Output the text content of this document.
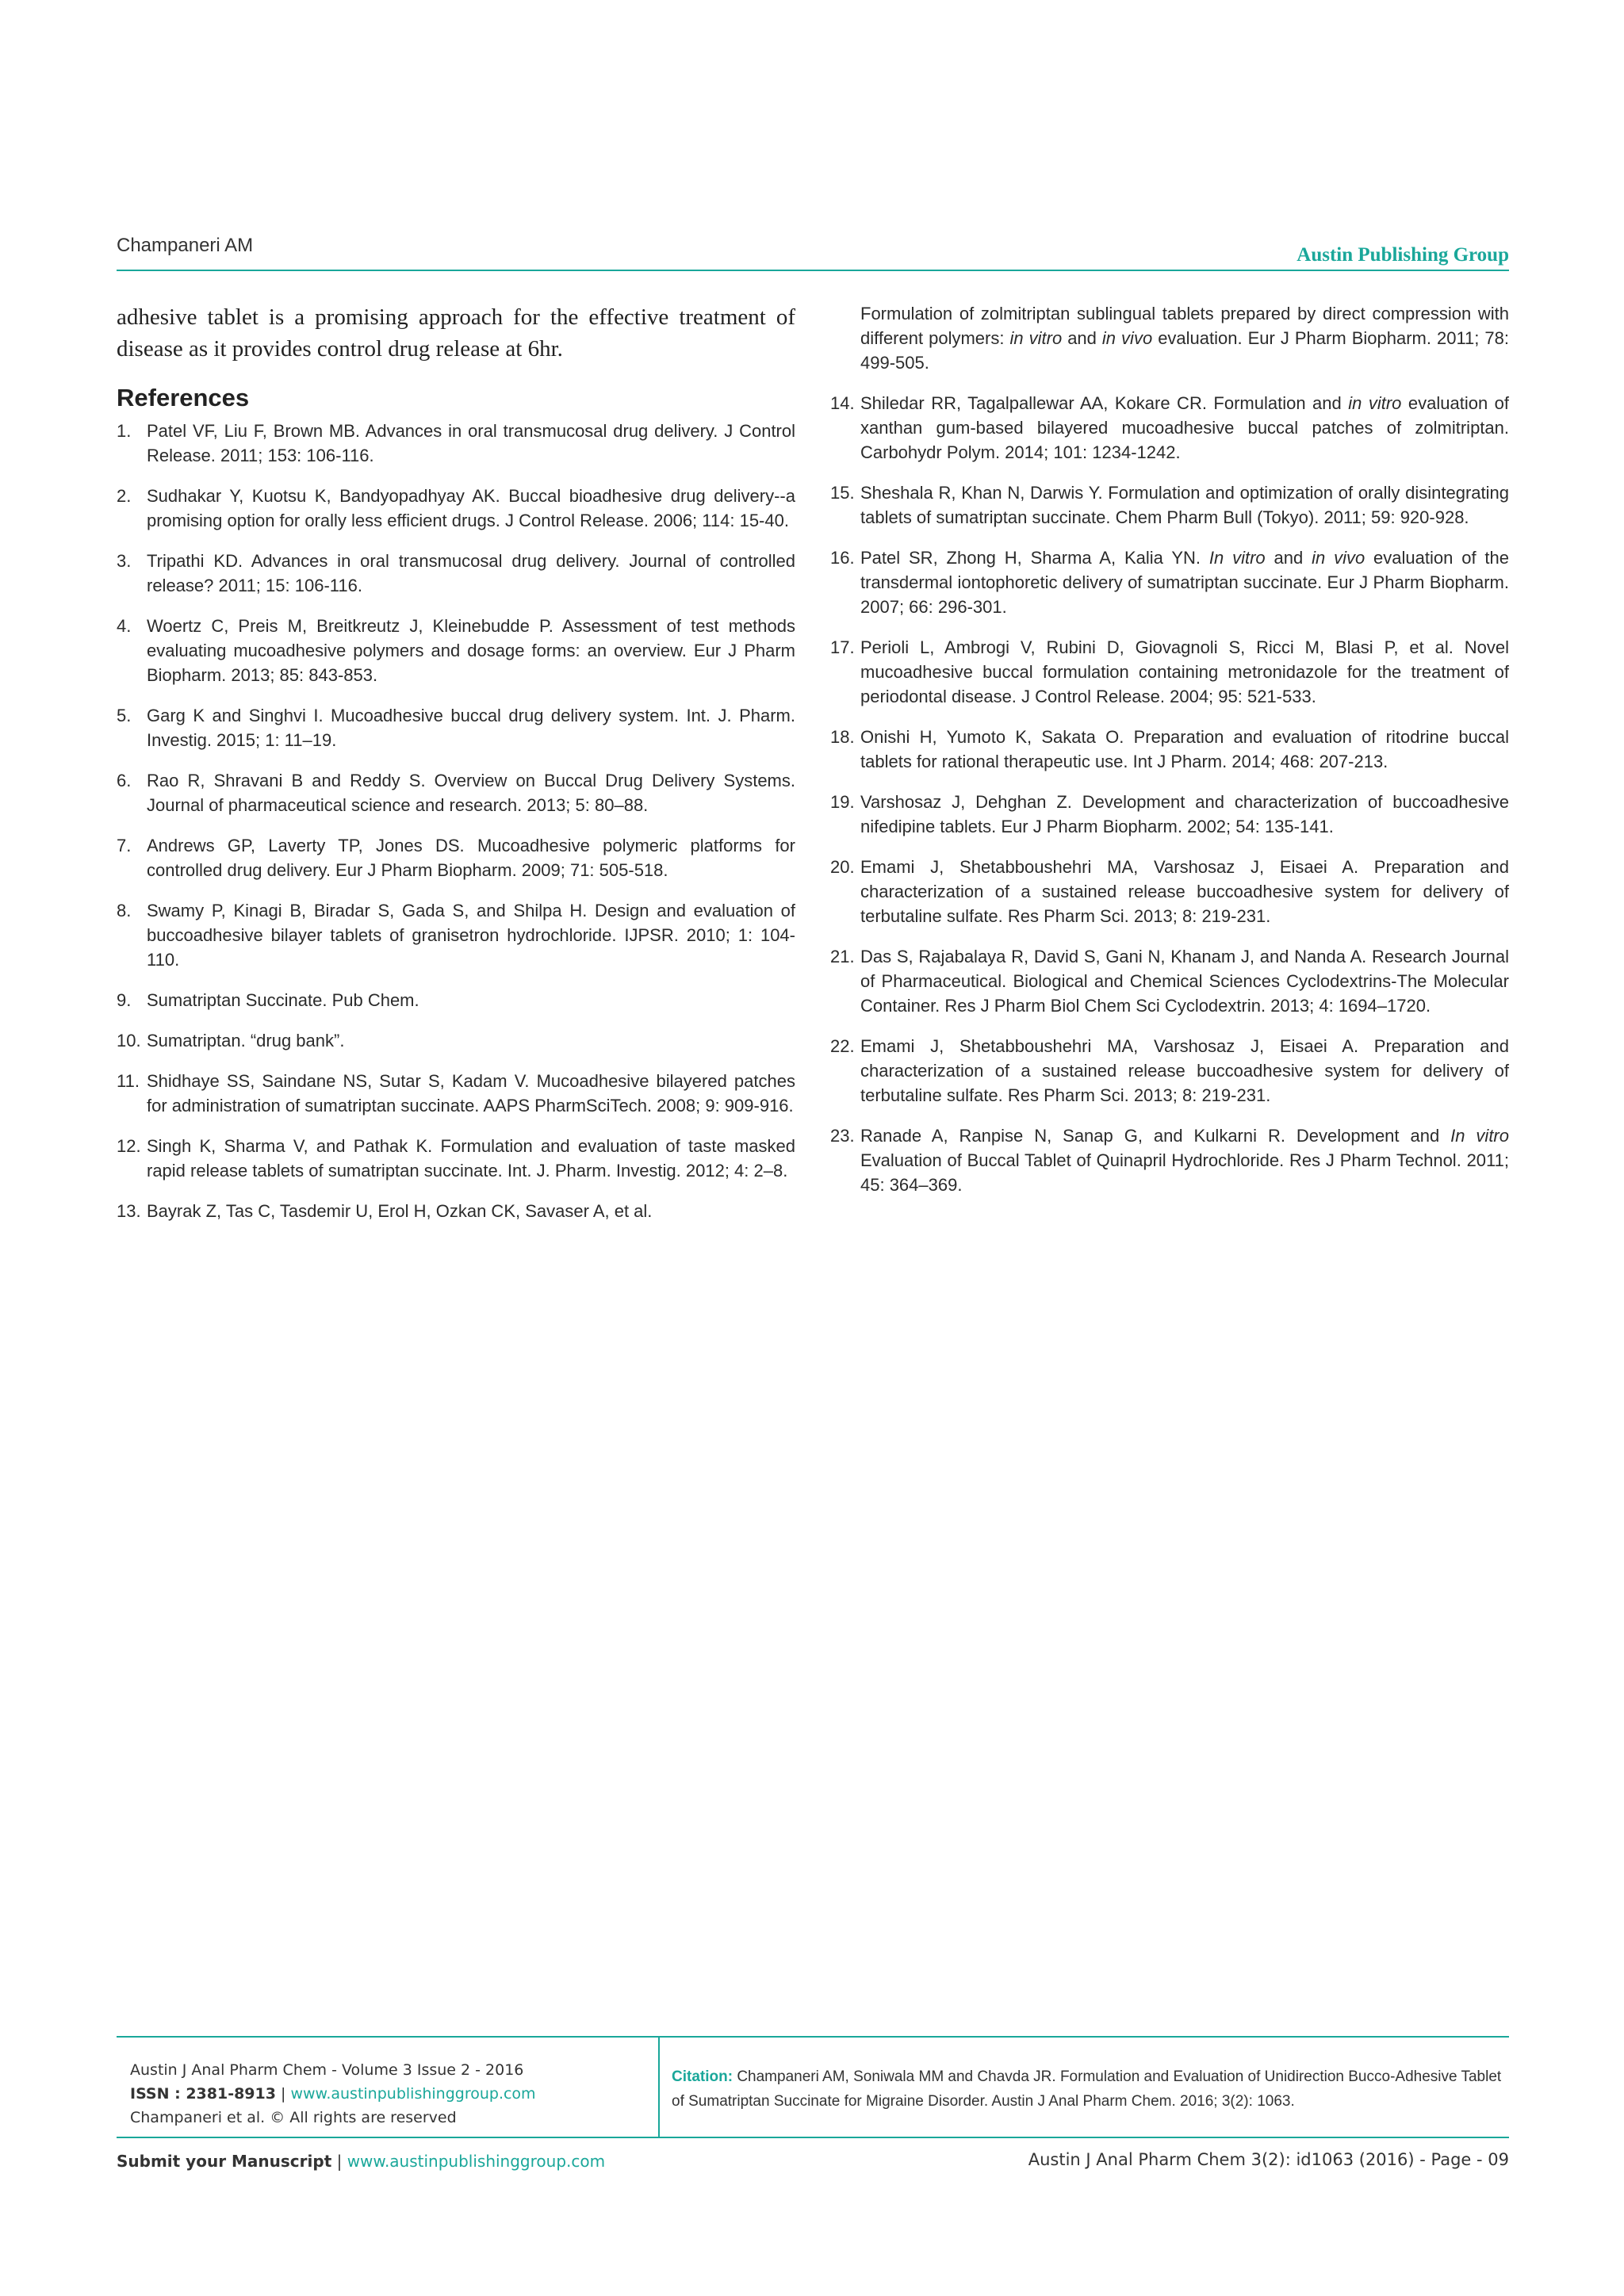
Champaneri AM	Austin Publishing Group

adhesive tablet is a promising approach for the effective treatment of disease as it provides control drug release at 6hr.

References
1. Patel VF, Liu F, Brown MB. Advances in oral transmucosal drug delivery. J Control Release. 2011; 153: 106-116.
2. Sudhakar Y, Kuotsu K, Bandyopadhyay AK. Buccal bioadhesive drug delivery--a promising option for orally less efficient drugs. J Control Release. 2006; 114: 15-40.
3. Tripathi KD. Advances in oral transmucosal drug delivery. Journal of controlled release? 2011; 15: 106-116.
4. Woertz C, Preis M, Breitkreutz J, Kleinebudde P. Assessment of test methods evaluating mucoadhesive polymers and dosage forms: an overview. Eur J Pharm Biopharm. 2013; 85: 843-853.
5. Garg K and Singhvi I. Mucoadhesive buccal drug delivery system. Int. J. Pharm. Investig. 2015; 1: 11–19.
6. Rao R, Shravani B and Reddy S. Overview on Buccal Drug Delivery Systems. Journal of pharmaceutical science and research. 2013; 5: 80–88.
7. Andrews GP, Laverty TP, Jones DS. Mucoadhesive polymeric platforms for controlled drug delivery. Eur J Pharm Biopharm. 2009; 71: 505-518.
8. Swamy P, Kinagi B, Biradar S, Gada S, and Shilpa H. Design and evaluation of buccoadhesive bilayer tablets of granisetron hydrochloride. IJPSR. 2010; 1: 104-110.
9. Sumatriptan Succinate. Pub Chem.
10. Sumatriptan. “drug bank”.
11. Shidhaye SS, Saindane NS, Sutar S, Kadam V. Mucoadhesive bilayered patches for administration of sumatriptan succinate. AAPS PharmSciTech. 2008; 9: 909-916.
12. Singh K, Sharma V, and Pathak K. Formulation and evaluation of taste masked rapid release tablets of sumatriptan succinate. Int. J. Pharm. Investig. 2012; 4: 2–8.
13. Bayrak Z, Tas C, Tasdemir U, Erol H, Ozkan CK, Savaser A, et al.
Formulation of zolmitriptan sublingual tablets prepared by direct compression with different polymers: in vitro and in vivo evaluation. Eur J Pharm Biopharm. 2011; 78: 499-505.
14. Shiledar RR, Tagalpallewar AA, Kokare CR. Formulation and in vitro evaluation of xanthan gum-based bilayered mucoadhesive buccal patches of zolmitriptan. Carbohydr Polym. 2014; 101: 1234-1242.
15. Sheshala R, Khan N, Darwis Y. Formulation and optimization of orally disintegrating tablets of sumatriptan succinate. Chem Pharm Bull (Tokyo). 2011; 59: 920-928.
16. Patel SR, Zhong H, Sharma A, Kalia YN. In vitro and in vivo evaluation of the transdermal iontophoretic delivery of sumatriptan succinate. Eur J Pharm Biopharm. 2007; 66: 296-301.
17. Perioli L, Ambrogi V, Rubini D, Giovagnoli S, Ricci M, Blasi P, et al. Novel mucoadhesive buccal formulation containing metronidazole for the treatment of periodontal disease. J Control Release. 2004; 95: 521-533.
18. Onishi H, Yumoto K, Sakata O. Preparation and evaluation of ritodrine buccal tablets for rational therapeutic use. Int J Pharm. 2014; 468: 207-213.
19. Varshosaz J, Dehghan Z. Development and characterization of buccoadhesive nifedipine tablets. Eur J Pharm Biopharm. 2002; 54: 135-141.
20. Emami J, Shetabboushehri MA, Varshosaz J, Eisaei A. Preparation and characterization of a sustained release buccoadhesive system for delivery of terbutaline sulfate. Res Pharm Sci. 2013; 8: 219-231.
21. Das S, Rajabalaya R, David S, Gani N, Khanam J, and Nanda A. Research Journal of Pharmaceutical. Biological and Chemical Sciences Cyclodextrins-The Molecular Container. Res J Pharm Biol Chem Sci Cyclodextrin. 2013; 4: 1694–1720.
22. Emami J, Shetabboushehri MA, Varshosaz J, Eisaei A. Preparation and characterization of a sustained release buccoadhesive system for delivery of terbutaline sulfate. Res Pharm Sci. 2013; 8: 219-231.
23. Ranade A, Ranpise N, Sanap G, and Kulkarni R. Development and In vitro Evaluation of Buccal Tablet of Quinapril Hydrochloride. Res J Pharm Technol. 2011; 45: 364–369.
Austin J Anal Pharm Chem - Volume 3 Issue 2 - 2016
ISSN : 2381-8913 | www.austinpublishinggroup.com
Champaneri et al. © All rights are reserved
Citation: Champaneri AM, Soniwala MM and Chavda JR. Formulation and Evaluation of Unidirection Bucco-Adhesive Tablet of Sumatriptan Succinate for Migraine Disorder. Austin J Anal Pharm Chem. 2016; 3(2): 1063.
Submit your Manuscript | www.austinpublishinggroup.com	Austin J Anal Pharm Chem 3(2): id1063 (2016) - Page - 09
